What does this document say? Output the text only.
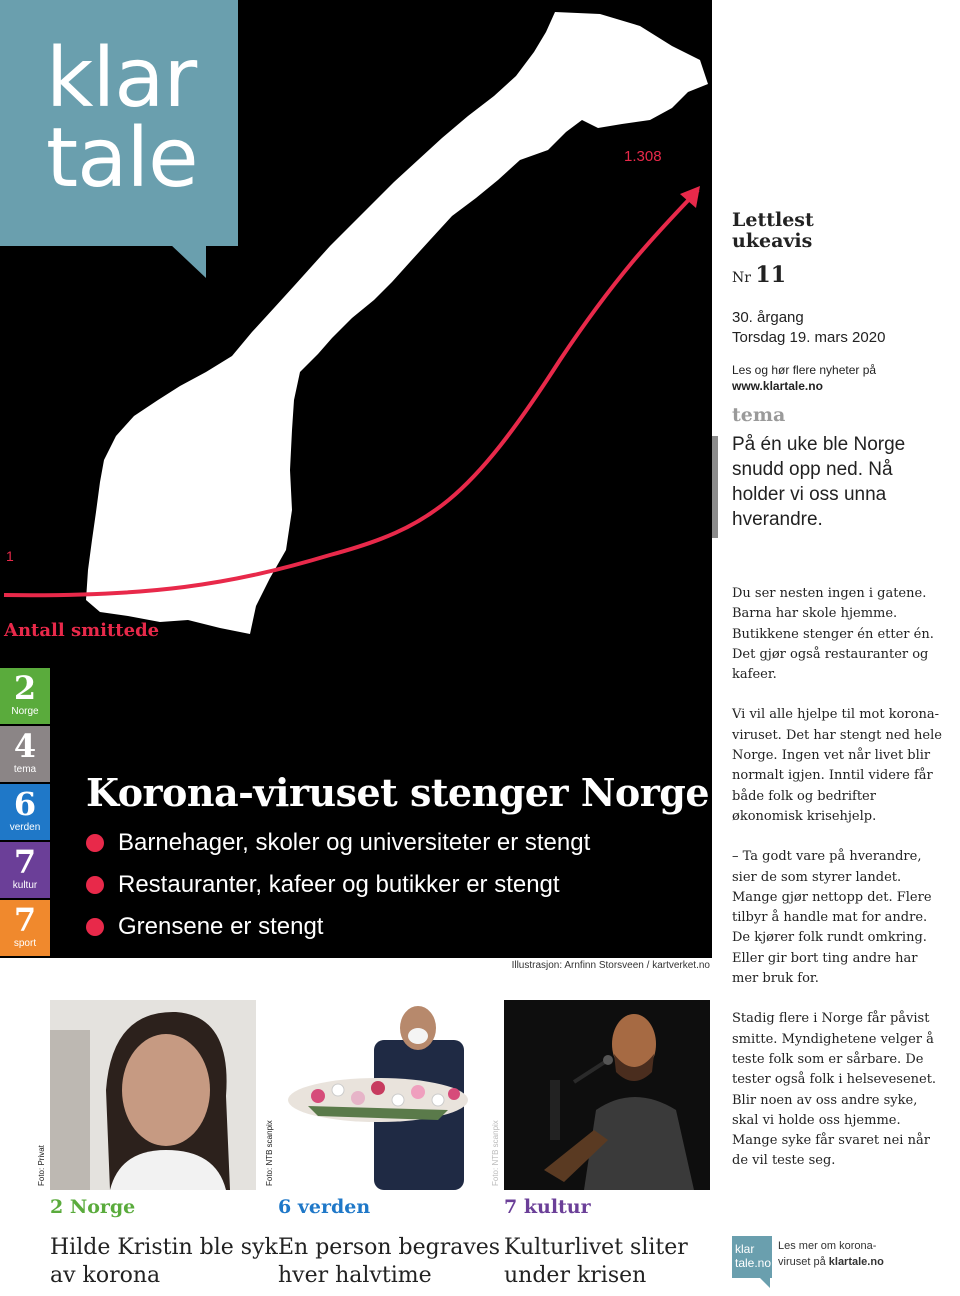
1.308
1
Antall smittede
Korona-viruset stenger Norge
Barnehager, skoler og universiteter er stengt
Restauranter, kafeer og butikker er stengt
Grensene er stengt
klar
tale
2
Norge
4
tema
6
verden
7
kultur
7
sport
Illustrasjon: Arnfinn Storsveen / kartverket.no
Lettlest
ukeavis
Nr 11
30. årgang
Torsdag 19. mars 2020
Les og hør flere nyheter på
www.klartale.no
tema
På én uke ble Norge snudd opp ned. Nå holder vi oss unna hverandre.

Du ser nesten ingen i gatene. Barna har skole hjemme. Butikkene stenger én etter én. Det gjør også restauranter og kafeer.

Vi vil alle hjelpe til mot korona-viruset. Det har stengt ned hele Norge. Ingen vet når livet blir normalt igjen. Inntil videre får både folk og bedrifter økonomisk krisehjelp.

– Ta godt vare på hverandre, sier de som styrer landet. Mange gjør nettopp det. Flere tilbyr å handle mat for andre. De kjører folk rundt omkring. Eller gir bort ting andre har mer bruk for.

Stadig flere i Norge får påvist smitte. Myndighetene velger å teste folk som er sårbare. De tester også folk i helsevesenet. Blir noen av oss andre syke, skal vi holde oss hjemme. Mange syke får svaret nei når de vil teste seg.

Foto: Privat
2 Norge
Hilde Kristin ble syk av korona
Foto: NTB scanpix
6 verden
En person begraves hver halvtime
Foto: NTB scanpix
7 kultur
Kulturlivet sliter under krisen
klar
tale.no
Les mer om korona-
viruset på klartale.no
